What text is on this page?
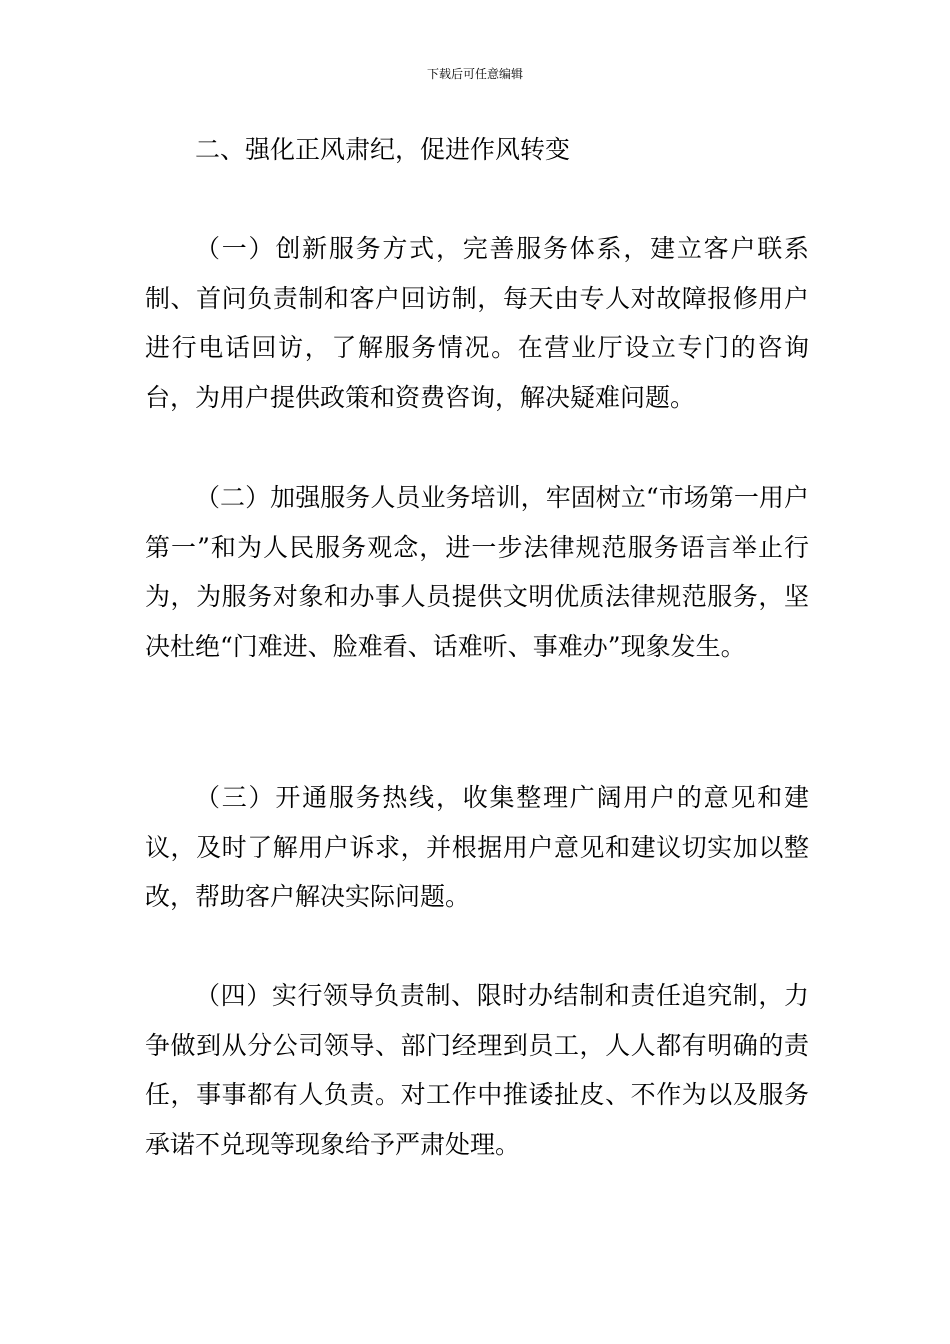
下载后可任意编辑
二、强化正风肃纪，促进作风转变

（一）创新服务方式，完善服务体系，建立客户联系制、首问负责制和客户回访制，每天由专人对故障报修用户进行电话回访，了解服务情况。在营业厅设立专门的咨询台，为用户提供政策和资费咨询，解决疑难问题。

（二）加强服务人员业务培训，牢固树立“市场第一用户第一”和为人民服务观念，进一步法律规范服务语言举止行为，为服务对象和办事人员提供文明优质法律规范服务，坚决杜绝“门难进、脸难看、话难听、事难办”现象发生。

（三）开通服务热线，收集整理广阔用户的意见和建议，及时了解用户诉求，并根据用户意见和建议切实加以整改，帮助客户解决实际问题。

（四）实行领导负责制、限时办结制和责任追究制，力争做到从分公司领导、部门经理到员工，人人都有明确的责任，事事都有人负责。对工作中推诿扯皮、不作为以及服务承诺不兑现等现象给予严肃处理。
